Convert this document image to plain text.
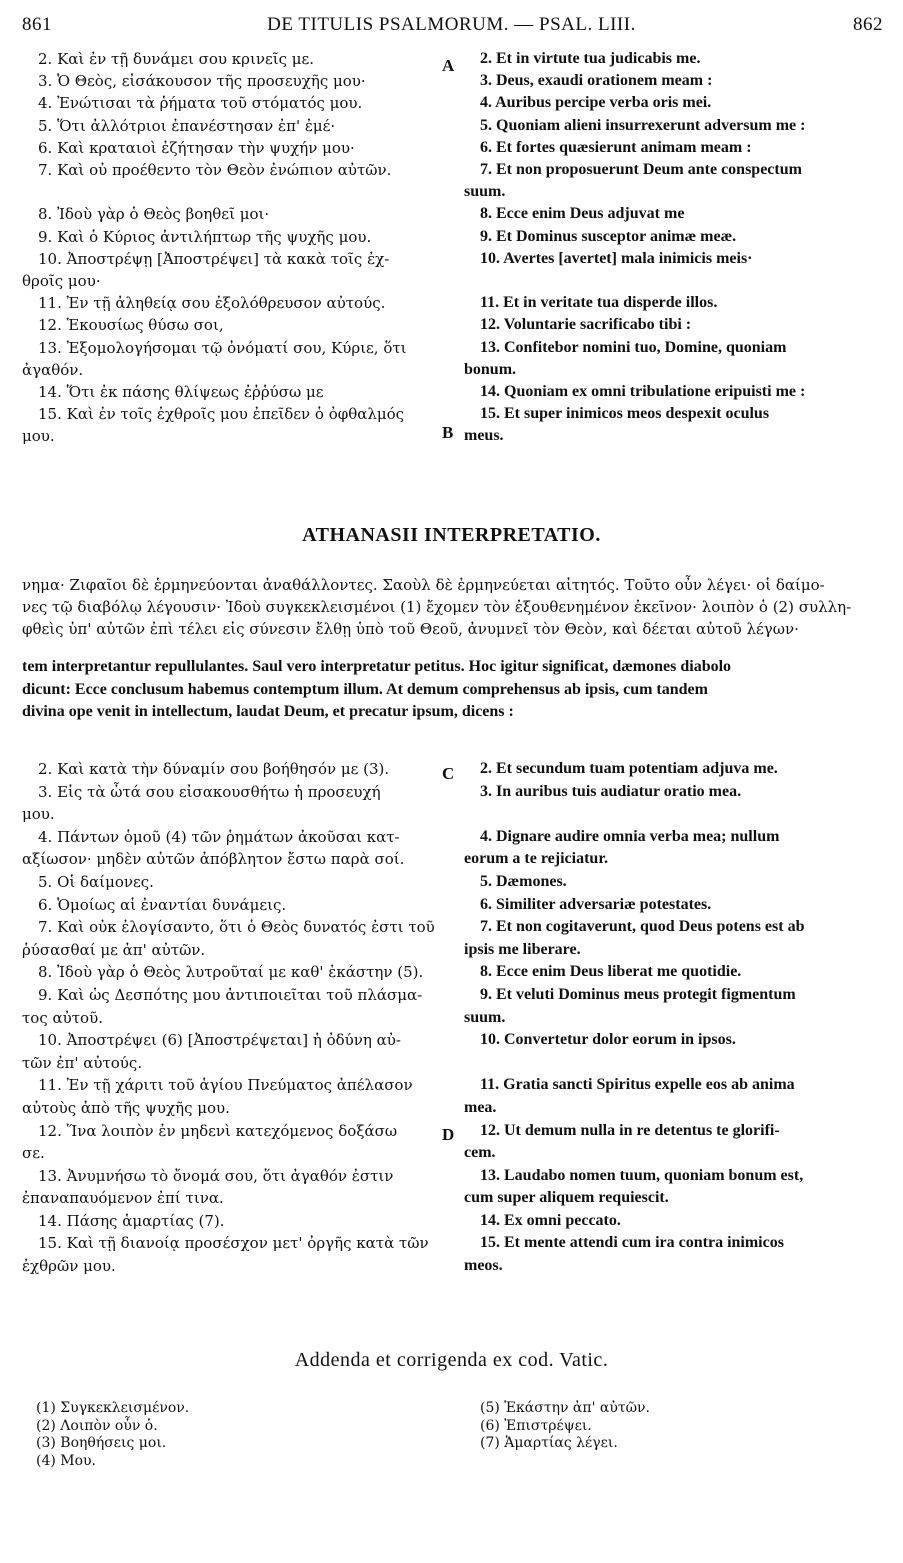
861	DE TITULIS PSALMORUM. — PSAL. LIII.	862
2. Καὶ ἐν τῇ δυνάμει σου κρινεῖς με.
3. Ὁ Θεὸς, εἰσάκουσον τῆς προσευχῆς μου·
4. Ἐνώτισαι τὰ ῥήματα τοῦ στόματός μου.
5. Ὅτι ἀλλότριοι ἐπανέστησαν ἐπ' ἐμέ·
6. Καὶ κραταιοὶ ἐζήτησαν τὴν ψυχήν μου·
7. Καὶ οὐ προέθεντο τὸν Θεὸν ἐνώπιον αὐτῶν.

8. Ἰδοὺ γὰρ ὁ Θεὸς βοηθεῖ μοι·
9. Καὶ ὁ Κύριος ἀντιλήπτωρ τῆς ψυχῆς μου.
10. Ἀποστρέψῃ [Ἀποστρέψει] τὰ κακὰ τοῖς ἐχ-
θροῖς μου·
11. Ἐν τῇ ἀληθείᾳ σου ἐξολόθρευσον αὐτούς.
12. Ἑκουσίως θύσω σοι,
13. Ἐξομολογήσομαι τῷ ὀνόματί σου, Κύριε, ὅτι
ἀγαθόν.
14. Ὅτι ἐκ πάσης θλίψεως ἐῤῥύσω με
15. Καὶ ἐν τοῖς ἐχθροῖς μου ἐπεῖδεν ὁ ὀφθαλμός
μου.
A
B
2. Et in virtute tua judicabis me.
3. Deus, exaudi orationem meam :
4. Auribus percipe verba oris mei.
5. Quoniam alieni insurrexerunt adversum me :
6. Et fortes quæsierunt animam meam :
7. Et non proposuerunt Deum ante conspectum
suum.
8. Ecce enim Deus adjuvat me
9. Et Dominus susceptor animæ meæ.
10. Avertes [avertet] mala inimicis meis·

11. Et in veritate tua disperde illos.
12. Voluntarie sacrificabo tibi :
13. Confitebor nomini tuo, Domine, quoniam
bonum.
14. Quoniam ex omni tribulatione eripuisti me :
15. Et super inimicos meos despexit oculus
meus.
ATHANASII INTERPRETATIO.
νημα· Ζιφαῖοι δὲ ἑρμηνεύονται ἀναθάλλοντες. Σαοὺλ δὲ ἑρμηνεύεται αἰτητός. Τοῦτο οὖν λέγει· οἱ δαίμο-
νες τῷ διαβόλῳ λέγουσιν· Ἰδοὺ συγκεκλεισμένοι (1) ἔχομεν τὸν ἐξουθενημένον ἐκεῖνον· λοιπὸν ὁ (2) συλλη-
φθεὶς ὑπ' αὐτῶν ἐπὶ τέλει εἰς σύνεσιν ἔλθῃ ὑπὸ τοῦ Θεοῦ, ἀνυμνεῖ τὸν Θεὸν, καὶ δέεται αὐτοῦ λέγων·
tem interpretantur repullulantes. Saul vero interpretatur petitus. Hoc igitur significat, dæmones diabolo
dicunt: Ecce conclusum habemus contemptum illum. At demum comprehensus ab ipsis, cum tandem
divina ope venit in intellectum, laudat Deum, et precatur ipsum, dicens :
2. Καὶ κατὰ τὴν δύναμίν σου βοήθησόν με (3).
3. Εἰς τὰ ὦτά σου εἰσακουσθήτω ἡ προσευχή
μου.
4. Πάντων ὁμοῦ (4) τῶν ῥημάτων ἀκοῦσαι κατ-
αξίωσον· μηδὲν αὐτῶν ἀπόβλητον ἔστω παρὰ σοί.
5. Οἱ δαίμονες.
6. Ὁμοίως αἱ ἐναντίαι δυνάμεις.
7. Καὶ οὐκ ἐλογίσαντο, ὅτι ὁ Θεὸς δυνατός ἐστι τοῦ
ῥύσασθαί με ἀπ' αὐτῶν.
8. Ἰδοὺ γὰρ ὁ Θεὸς λυτροῦταί με καθ' ἑκάστην (5).
9. Καὶ ὡς Δεσπότης μου ἀντιποιεῖται τοῦ πλάσμα-
τος αὐτοῦ.
10. Ἀποστρέψει (6) [Ἀποστρέψεται] ἡ ὀδύνη αὐ-
τῶν ἐπ' αὐτούς.
11. Ἐν τῇ χάριτι τοῦ ἁγίου Πνεύματος ἀπέλασον
αὐτοὺς ἀπὸ τῆς ψυχῆς μου.
12. Ἵνα λοιπὸν ἐν μηδενὶ κατεχόμενος δοξάσω
σε.
13. Ἀνυμνήσω τὸ ὄνομά σου, ὅτι ἀγαθόν ἐστιν
ἐπαναπαυόμενον ἐπί τινα.
14. Πάσης ἁμαρτίας (7).
15. Καὶ τῇ διανοίᾳ προσέσχον μετ' ὀργῆς κατὰ τῶν
ἐχθρῶν μου.
C
D
2. Et secundum tuam potentiam adjuva me.
3. In auribus tuis audiatur oratio mea.

4. Dignare audire omnia verba mea; nullum
eorum a te rejiciatur.
5. Dæmones.
6. Similiter adversariæ potestates.
7. Et non cogitaverunt, quod Deus potens est ab
ipsis me liberare.
8. Ecce enim Deus liberat me quotidie.
9. Et veluti Dominus meus protegit figmentum
suum.
10. Convertetur dolor eorum in ipsos.

11. Gratia sancti Spiritus expelle eos ab anima
mea.
12. Ut demum nulla in re detentus te glorifi-
cem.
13. Laudabo nomen tuum, quoniam bonum est,
cum super aliquem requiescit.
14. Ex omni peccato.
15. Et mente attendi cum ira contra inimicos
meos.
Addenda et corrigenda ex cod. Vatic.
(1) Συγκεκλεισμένον.
(2) Λοιπὸν οὖν ὁ.
(3) Βοηθήσεις μοι.
(4) Μου.
(5) Ἑκάστην ἀπ' αὐτῶν.
(6) Ἐπιστρέψει.
(7) Ἁμαρτίας λέγει.
